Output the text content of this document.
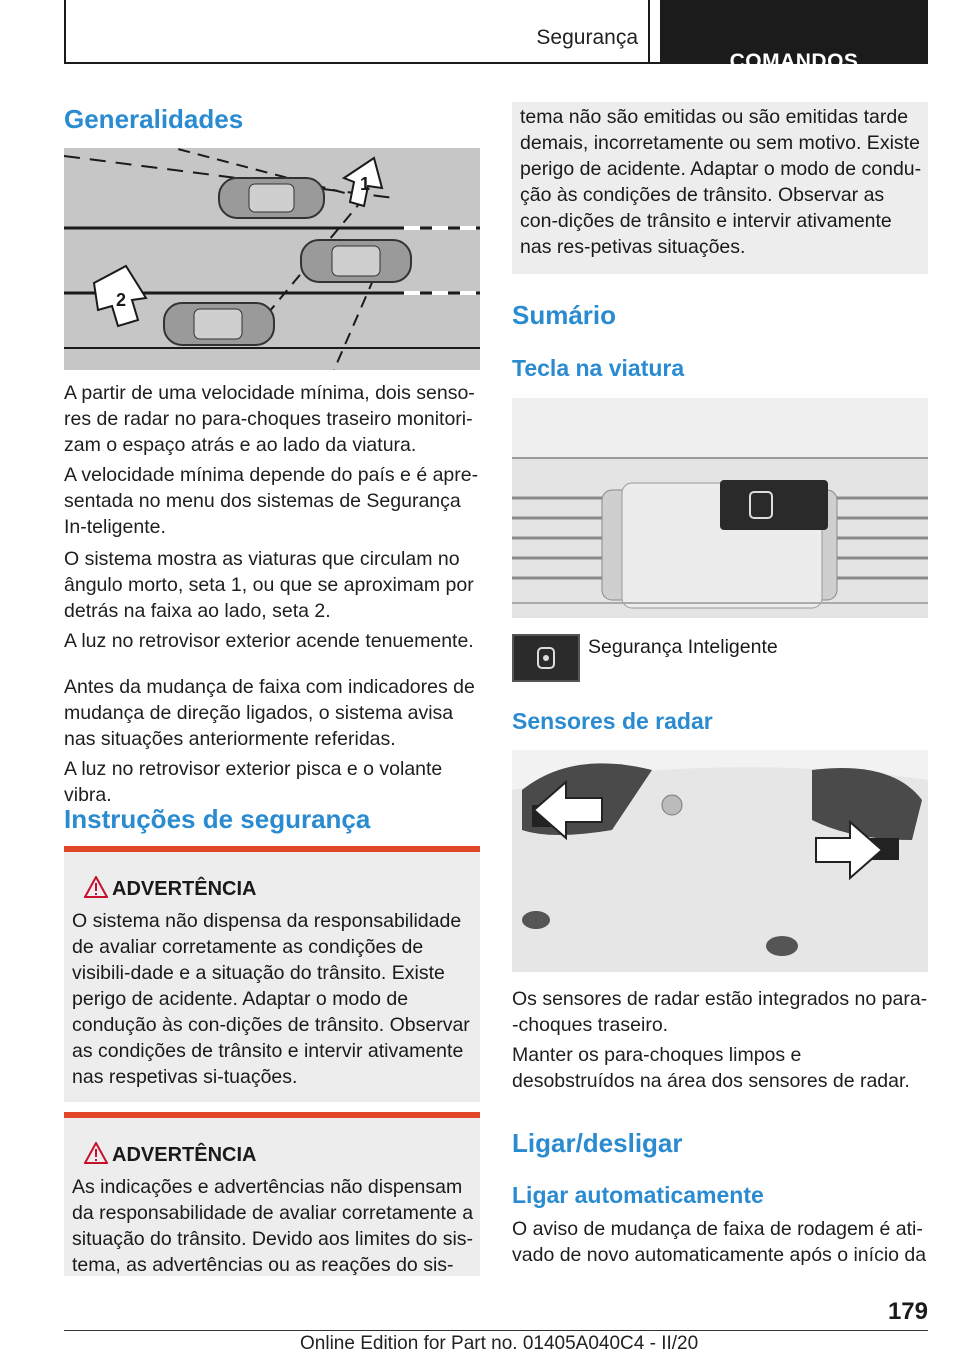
Segurança
COMANDOS
Generalidades
1
2

A partir de uma velocidade mínima, dois senso-res de radar no para-choques traseiro monitori-zam o espaço atrás e ao lado da viatura.

A velocidade mínima depende do país e é apre-sentada no menu dos sistemas de Segurança In-teligente.

O sistema mostra as viaturas que circulam no ângulo morto, seta 1, ou que se aproximam por detrás na faixa ao lado, seta 2.

A luz no retrovisor exterior acende tenuemente.

Antes da mudança de faixa com indicadores de mudança de direção ligados, o sistema avisa nas situações anteriormente referidas.

A luz no retrovisor exterior pisca e o volante vibra.

Instruções de segurança
ADVERTÊNCIA
O sistema não dispensa da responsabilidade de avaliar corretamente as condições de visibili-dade e a situação do trânsito. Existe perigo de acidente. Adaptar o modo de condução às con-dições de trânsito. Observar as condições de trânsito e intervir ativamente nas respetivas si-tuações.
ADVERTÊNCIA
As indicações e advertências não dispensam da responsabilidade de avaliar corretamente a situação do trânsito. Devido aos limites do sis-tema, as advertências ou as reações do sis-
tema não são emitidas ou são emitidas tarde demais, incorretamente ou sem motivo. Existe perigo de acidente. Adaptar o modo de condu-ção às condições de trânsito. Observar as con-dições de trânsito e intervir ativamente nas res-petivas situações.
Sumário
Tecla na viatura
Segurança Inteligente
Sensores de radar

Os sensores de radar estão integrados no para--choques traseiro.

Manter os para-choques limpos e desobstruídos na área dos sensores de radar.

Ligar/desligar
Ligar automaticamente

O aviso de mudança de faixa de rodagem é ati-vado de novo automaticamente após o início da

179
Online Edition for Part no. 01405A040C4 - II/20
